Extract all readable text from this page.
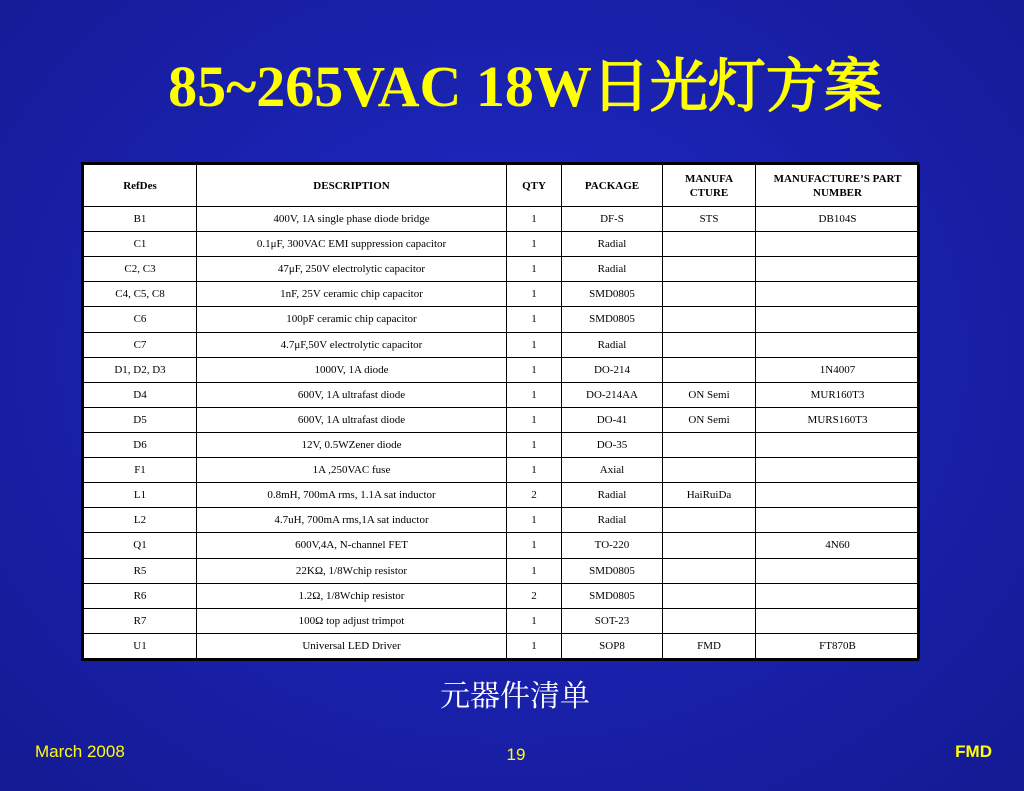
85~265VAC 18W日光灯方案
RefDes	DESCRIPTION	QTY	PACKAGE	MANUFA CTURE	MANUFACTURE’S PART NUMBER
B1	400V, 1A single phase diode bridge	1	DF-S	STS	DB104S
C1	0.1μF, 300VAC EMI suppression capacitor	1	Radial		
C2, C3	47μF, 250V electrolytic capacitor	1	Radial		
C4, C5, C8	1nF, 25V ceramic chip capacitor	1	SMD0805		
C6	100pF ceramic chip capacitor	1	SMD0805		
C7	4.7μF,50V electrolytic capacitor	1	Radial		
D1, D2, D3	1000V, 1A diode	1	DO-214		1N4007
D4	600V, 1A ultrafast diode	1	DO-214AA	ON Semi	MUR160T3
D5	600V, 1A ultrafast diode	1	DO-41	ON Semi	MURS160T3
D6	12V, 0.5WZener diode	1	DO-35		
F1	1A ,250VAC fuse	1	Axial		
L1	0.8mH, 700mA rms, 1.1A sat inductor	2	Radial	HaiRuiDa	
L2	4.7uH, 700mA rms,1A sat inductor	1	Radial		
Q1	600V,4A, N-channel FET	1	TO-220		4N60
R5	22KΩ, 1/8Wchip resistor	1	SMD0805		
R6	1.2Ω, 1/8Wchip resistor	2	SMD0805		
R7	100Ω top adjust trimpot	1	SOT-23		
U1	Universal LED Driver	1	SOP8	FMD	FT870B
元器件清单
March 2008	19	FMD
